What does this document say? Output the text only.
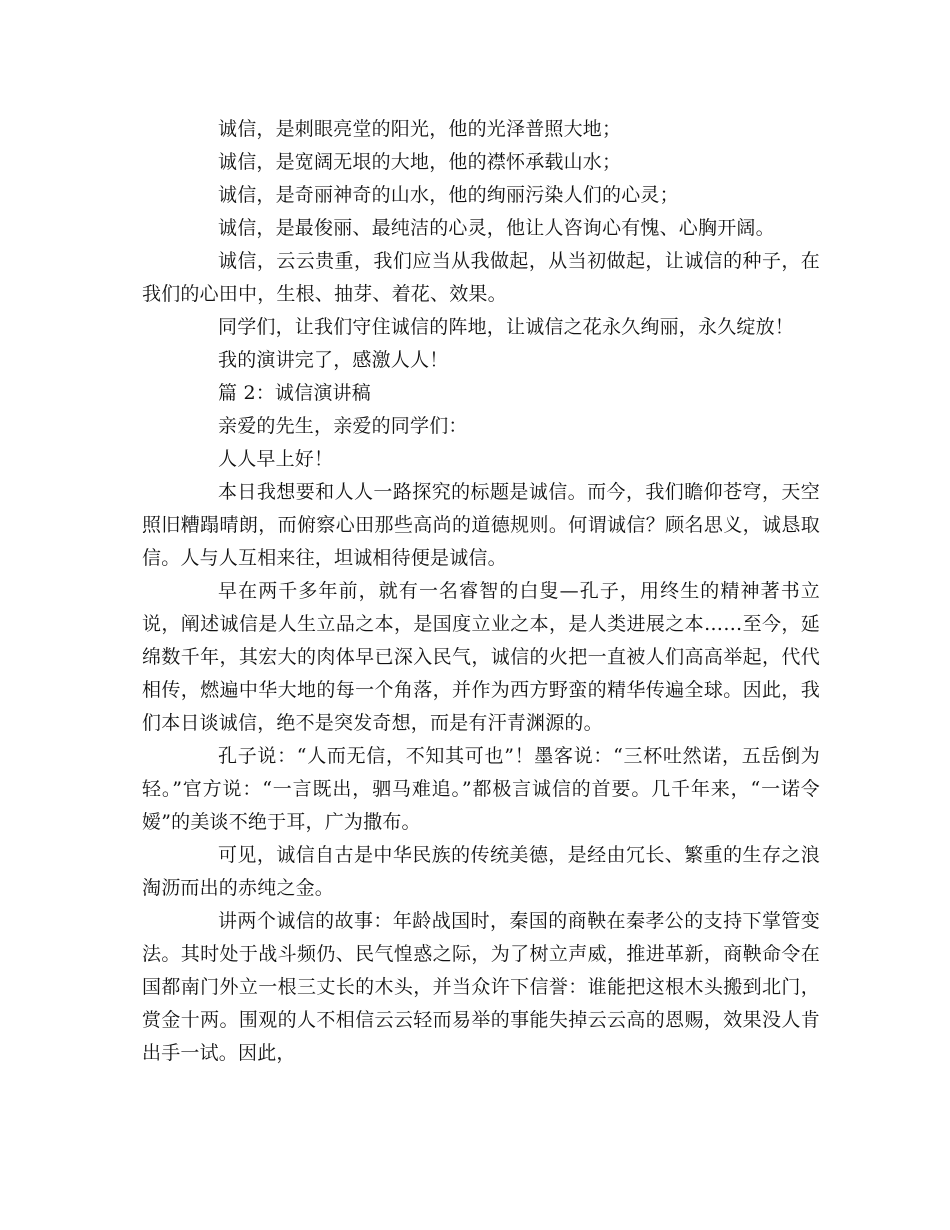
诚信，是刺眼亮堂的阳光，他的光泽普照大地；

诚信，是宽阔无垠的大地，他的襟怀承载山水；

诚信，是奇丽神奇的山水，他的绚丽污染人们的心灵；

诚信，是最俊丽、最纯洁的心灵，他让人咨询心有愧、心胸开阔。

诚信，云云贵重，我们应当从我做起，从当初做起，让诚信的种子，在我们的心田中，生根、抽芽、着花、效果。

同学们，让我们守住诚信的阵地，让诚信之花永久绚丽，永久绽放！

我的演讲完了，感激人人！

篇 2：诚信演讲稿

亲爱的先生，亲爱的同学们：

人人早上好！

本日我想要和人人一路探究的标题是诚信。而今，我们瞻仰苍穹，天空照旧糟蹋晴朗，而俯察心田那些高尚的道德规则。何谓诚信？顾名思义，诚恳取信。人与人互相来往，坦诚相待便是诚信。

早在两千多年前，就有一名睿智的白叟—孔子，用终生的精神著书立说，阐述诚信是人生立品之本，是国度立业之本，是人类进展之本……至今，延绵数千年，其宏大的肉体早已深入民气，诚信的火把一直被人们高高举起，代代相传，燃遍中华大地的每一个角落，并作为西方野蛮的精华传遍全球。因此，我们本日谈诚信，绝不是突发奇想，而是有汗青渊源的。

孔子说：“人而无信，不知其可也”！墨客说：“三杯吐然诺，五岳倒为轻。”官方说：“一言既出，驷马难追。”都极言诚信的首要。几千年来，“一诺令嫒”的美谈不绝于耳，广为撒布。

可见，诚信自古是中华民族的传统美德，是经由冗长、繁重的生存之浪淘沥而出的赤纯之金。

讲两个诚信的故事：年龄战国时，秦国的商鞅在秦孝公的支持下掌管变法。其时处于战斗频仍、民气惶惑之际，为了树立声威，推进革新，商鞅命令在国都南门外立一根三丈长的木头，并当众许下信誉：谁能把这根木头搬到北门，赏金十两。围观的人不相信云云轻而易举的事能失掉云云高的恩赐，效果没人肯出手一试。因此，
